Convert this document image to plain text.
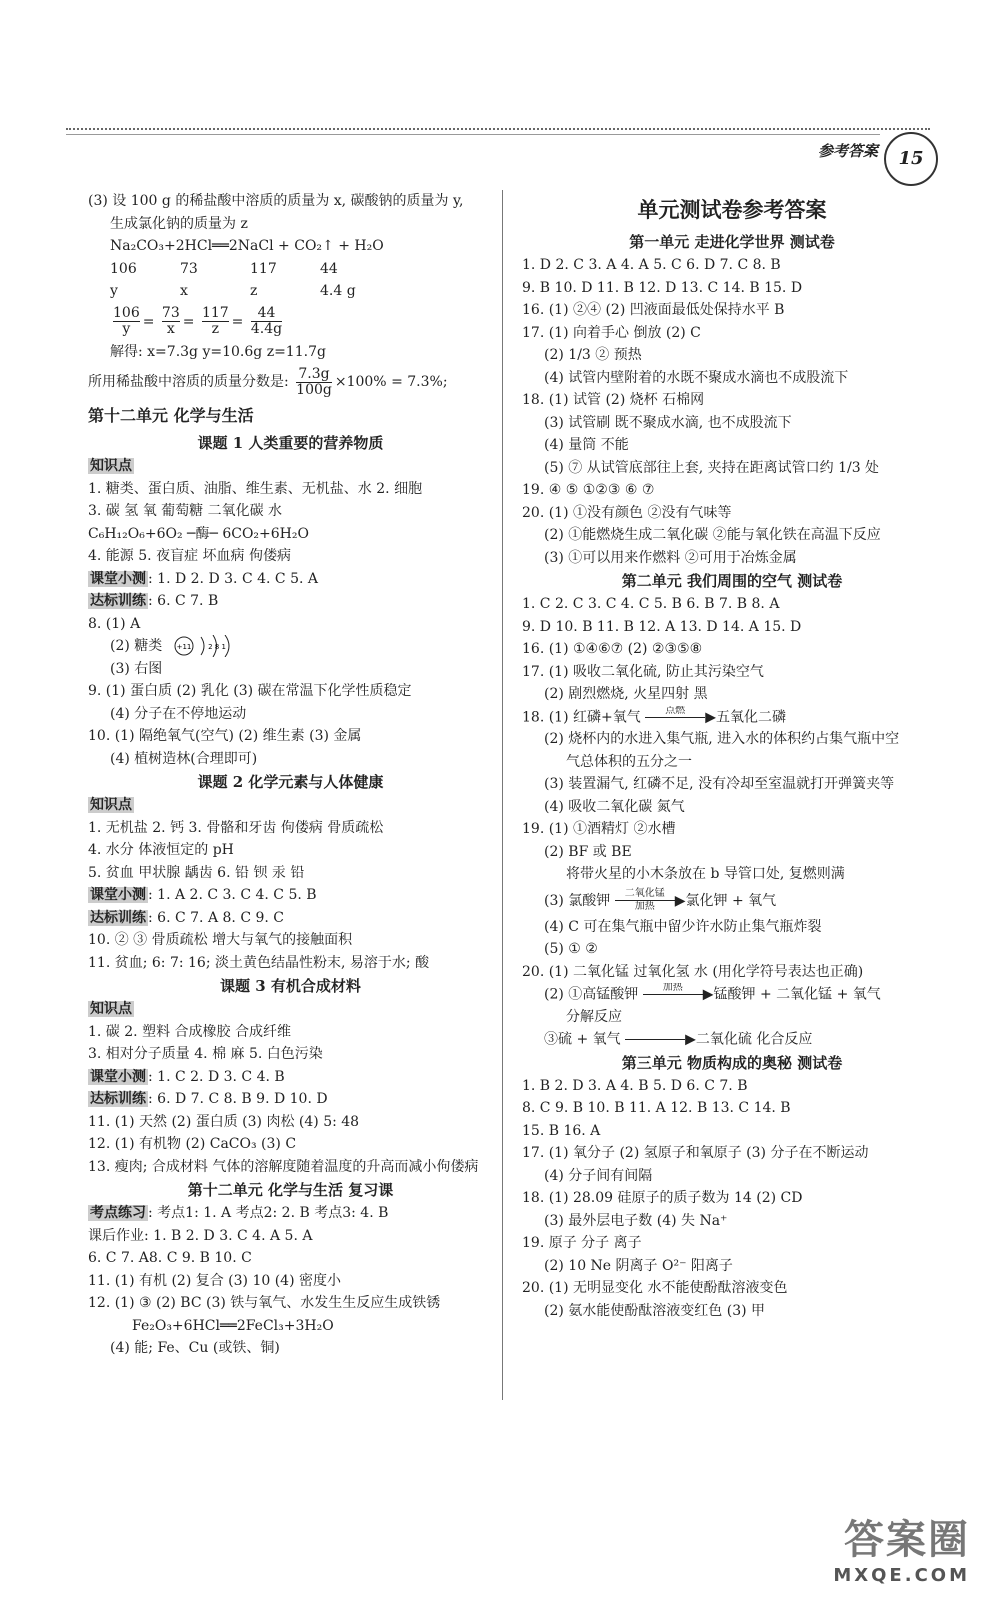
参考答案	15
(3) 设 100 g 的稀盐酸中溶质的质量为 x, 碳酸钠的质量为 y,
生成氯化钠的质量为 z
Na₂CO₃+2HCl══2NaCl + CO₂↑ + H₂O
106	73	117	44
y	x	z	4.4 g
$\frac{106}{y} = \frac{73}{x} = \frac{117}{z} = \frac{44}{4.4g}$
解得: x=7.3g y=10.6g z=11.7g
所用稀盐酸中溶质的质量分数是: $\frac{7.3g}{100g} \times 100\% = 7.3\%$;
第十二单元 化学与生活
课题 1 人类重要的营养物质
知识点
1. 糖类、蛋白质、油脂、维生素、无机盐、水 2. 细胞
3. 碳 氢 氧 葡萄糖 二氧化碳 水
C₆H₁₂O₆+6O₂ ─酶─ 6CO₂+6H₂O
4. 能源 5. 夜盲症 坏血病 佝偻病
课堂小测 : 1. D 2. D 3. C 4. C 5. A
达标训练 : 6. C 7. B
8. (1) A
(2) 糖类 +11 2 8 1
(3) 右图
9. (1) 蛋白质 (2) 乳化 (3) 碳在常温下化学性质稳定
(4) 分子在不停地运动
10. (1) 隔绝氧气(空气) (2) 维生素 (3) 金属
(4) 植树造林(合理即可)
课题 2 化学元素与人体健康
知识点
1. 无机盐 2. 钙 3. 骨骼和牙齿 佝偻病 骨质疏松
4. 水分 体液恒定的 pH
5. 贫血 甲状腺 龋齿 6. 铅 钡 汞 铅
课堂小测 : 1. A 2. C 3. C 4. C 5. B
达标训练 : 6. C 7. A 8. C 9. C
10. ② ③ 骨质疏松 增大与氧气的接触面积
11. 贫血; 6: 7: 16; 淡土黄色结晶性粉末, 易溶于水; 酸
课题 3 有机合成材料
知识点
1. 碳 2. 塑料 合成橡胶 合成纤维
3. 相对分子质量 4. 棉 麻 5. 白色污染
课堂小测 : 1. C 2. D 3. C 4. B
达标训练 : 6. D 7. C 8. B 9. D 10. D
11. (1) 天然 (2) 蛋白质 (3) 肉松 (4) 5: 48
12. (1) 有机物 (2) CaCO₃ (3) C
13. 瘦肉; 合成材料 气体的溶解度随着温度的升高而减小佝偻病
第十二单元 化学与生活 复习课
考点练习 : 考点1: 1. A 考点2: 2. B 考点3: 4. B
课后作业: 1. B 2. D 3. C 4. A 5. A
6. C 7. A8. C 9. B 10. C
11. (1) 有机 (2) 复合 (3) 10 (4) 密度小
12. (1) ③ (2) BC (3) 铁与氧气、水发生生反应生成铁锈
Fe₂O₃+6HCl══2FeCl₃+3H₂O
(4) 能; Fe、Cu (或铁、铜)
单元测试卷参考答案
第一单元 走进化学世界 测试卷
1. D 2. C 3. A 4. A 5. C 6. D 7. C 8. B
9. B 10. D 11. B 12. D 13. C 14. B 15. D
16. (1) ②④ (2) 凹液面最低处保持水平 B
17. (1) 向着手心 倒放 (2) C
(2) 1/3 ② 预热
(4) 试管内壁附着的水既不聚成水滴也不成股流下
18. (1) 试管 (2) 烧杯 石棉网
(3) 试管刷 既不聚成水滴, 也不成股流下
(4) 量筒 不能
(5) ⑦ 从试管底部往上套, 夹持在距离试管口约 1/3 处
19. ④ ⑤ ①②③ ⑥ ⑦
20. (1) ①没有颜色 ②没有气味等
(2) ①能燃烧生成二氧化碳 ②能与氧化铁在高温下反应
(3) ①可以用来作燃料 ②可用于冶炼金属
第二单元 我们周围的空气 测试卷
1. C 2. C 3. C 4. C 5. B 6. B 7. B 8. A
9. D 10. B 11. B 12. A 13. D 14. A 15. D
16. (1) ①④⑥⑦ (2) ②③⑤⑧
17. (1) 吸收二氧化硫, 防止其污染空气
(2) 剧烈燃烧, 火星四射 黑
18. (1) 红磷+氧气 点燃 ▶五氧化二磷
(2) 烧杯内的水进入集气瓶, 进入水的体积约占集气瓶中空
气总体积的五分之一
(3) 装置漏气, 红磷不足, 没有冷却至室温就打开弹簧夹等
(4) 吸收二氧化碳 氮气
19. (1) ①酒精灯 ②水槽
(2) BF 或 BE
将带火星的小木条放在 b 导管口处, 复燃则满
(3) 氯酸钾 二氧化锰
加热 ▶氯化钾 + 氧气
(4) C 可在集气瓶中留少许水防止集气瓶炸裂
(5) ① ②
20. (1) 二氧化锰 过氧化氢 水 (用化学符号表达也正确)
(2) ①高锰酸钾 加热 ▶锰酸钾 + 二氧化锰 + 氧气
分解反应
③硫 + 氧气	▶二氧化硫 化合反应
第三单元 物质构成的奥秘 测试卷
1. B 2. D 3. A 4. B 5. D 6. C 7. B
8. C 9. B 10. B 11. A 12. B 13. C 14. B
15. B 16. A
17. (1) 氧分子 (2) 氢原子和氧原子 (3) 分子在不断运动
(4) 分子间有间隔
18. (1) 28.09 硅原子的质子数为 14 (2) CD
(3) 最外层电子数 (4) 失 Na⁺
19. 原子 分子 离子
(2) 10 Ne 阴离子 O²⁻ 阳离子
20. (1) 无明显变化 水不能使酚酞溶液变色
(2) 氨水能使酚酞溶液变红色 (3) 甲
答案圈
MXQE.COM
